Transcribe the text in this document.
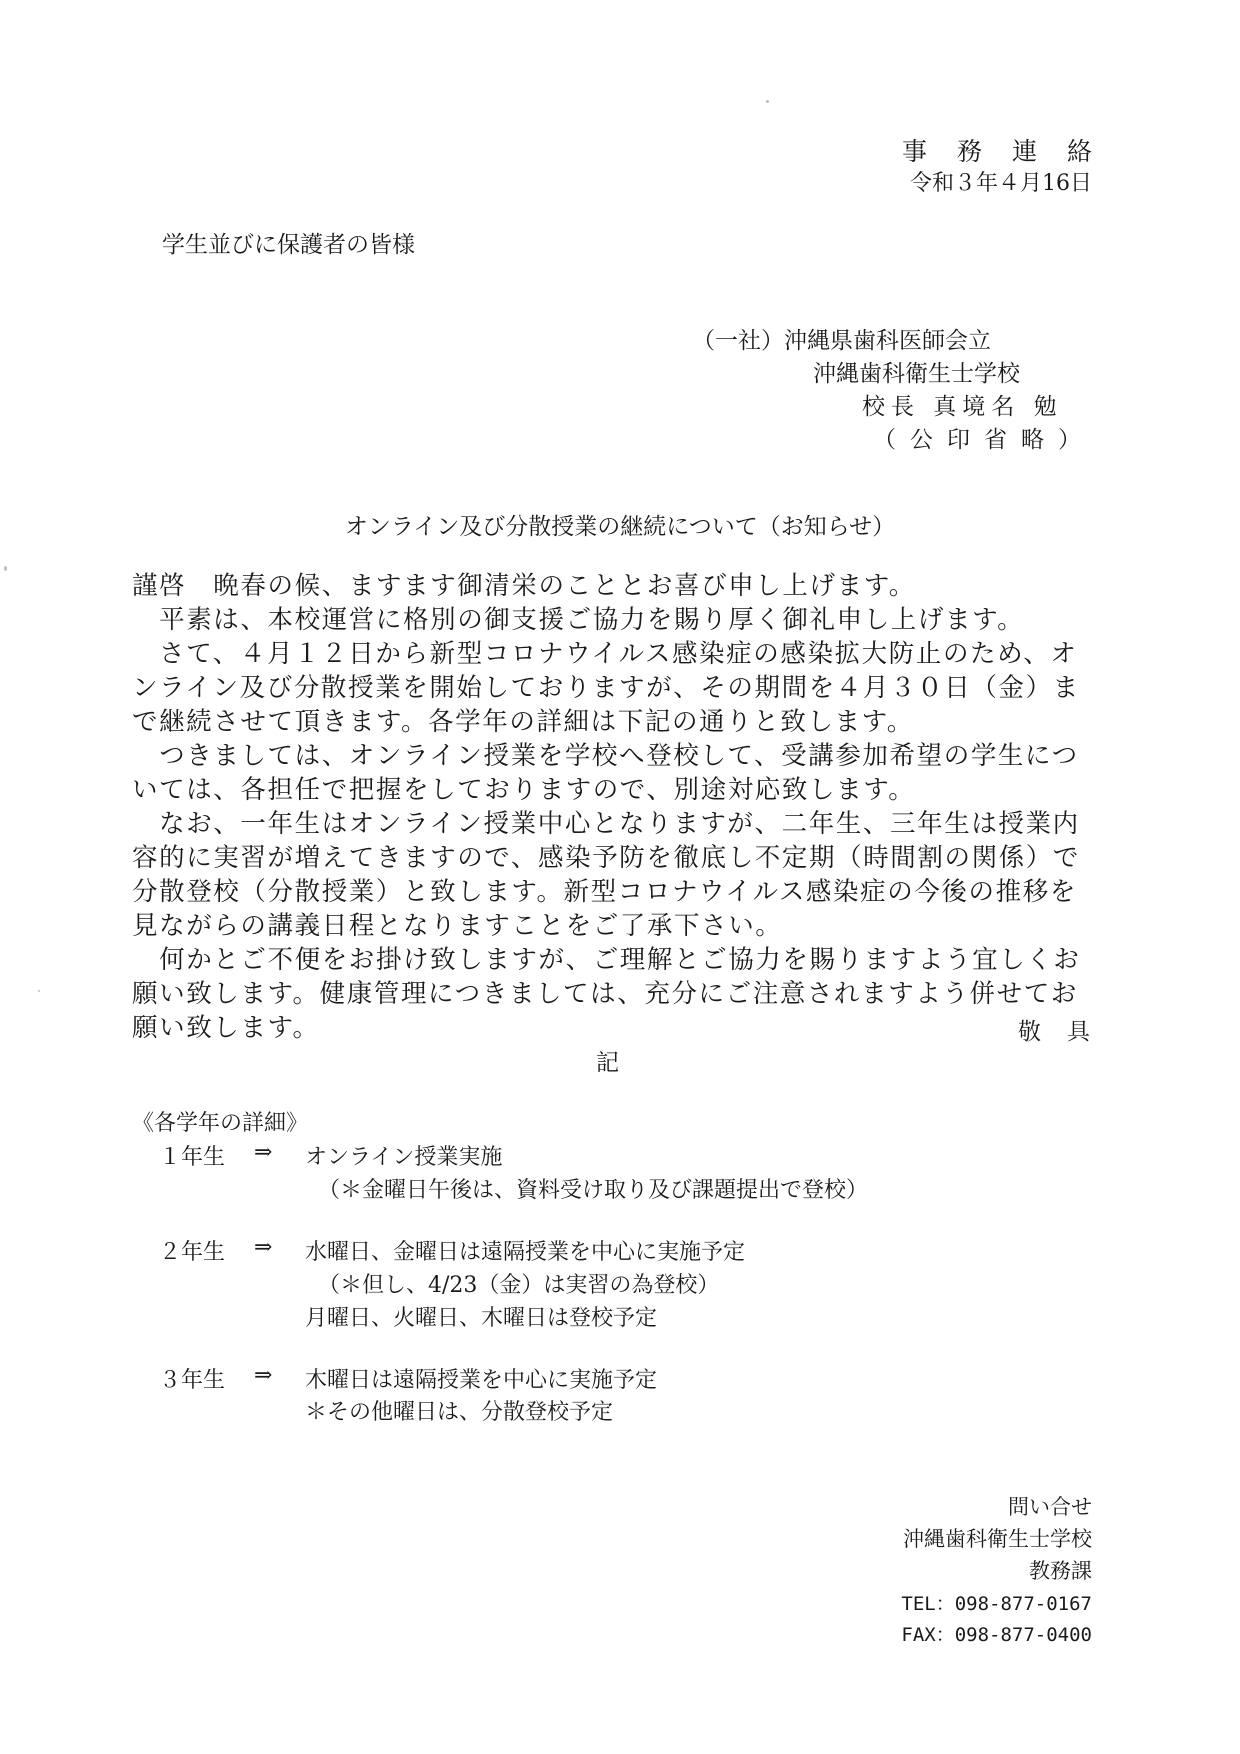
事務連絡
令和３年４月16日
学生並びに保護者の皆様
（一社）沖縄県歯科医師会立
沖縄歯科衛生士学校
校長 真境名 勉
（公印省略）
オンライン及び分散授業の継続について（お知らせ）

謹啓　晩春の候、ますます御清栄のこととお喜び申し上げます。

　平素は、本校運営に格別の御支援ご協力を賜り厚く御礼申し上げます。

　さて、４月１２日から新型コロナウイルス感染症の感染拡大防止のため、オンライン及び分散授業を開始しておりますが、その期間を４月３０日（金）まで継続させて頂きます。各学年の詳細は下記の通りと致します。

　つきましては、オンライン授業を学校へ登校して、受講参加希望の学生については、各担任で把握をしておりますので、別途対応致します。

　なお、一年生はオンライン授業中心となりますが、二年生、三年生は授業内容的に実習が増えてきますので、感染予防を徹底し不定期（時間割の関係）で分散登校（分散授業）と致します。新型コロナウイルス感染症の今後の推移を見ながらの講義日程となりますことをご了承下さい。

　何かとご不便をお掛け致しますが、ご理解とご協力を賜りますよう宜しくお願い致します。健康管理につきましては、充分にご注意されますよう併せてお願い致します。	敬具
記
《各学年の詳細》
１年生 ⇒ オンライン授業実施
（＊金曜日午後は、資料受け取り及び課題提出で登校）
２年生 ⇒ 水曜日、金曜日は遠隔授業を中心に実施予定
（＊但し、4/23（金）は実習の為登校）
月曜日、火曜日、木曜日は登校予定
３年生 ⇒ 木曜日は遠隔授業を中心に実施予定
＊その他曜日は、分散登校予定
問い合せ
沖縄歯科衛生士学校
教務課
TEL：098-877-0167
FAX：098-877-0400
